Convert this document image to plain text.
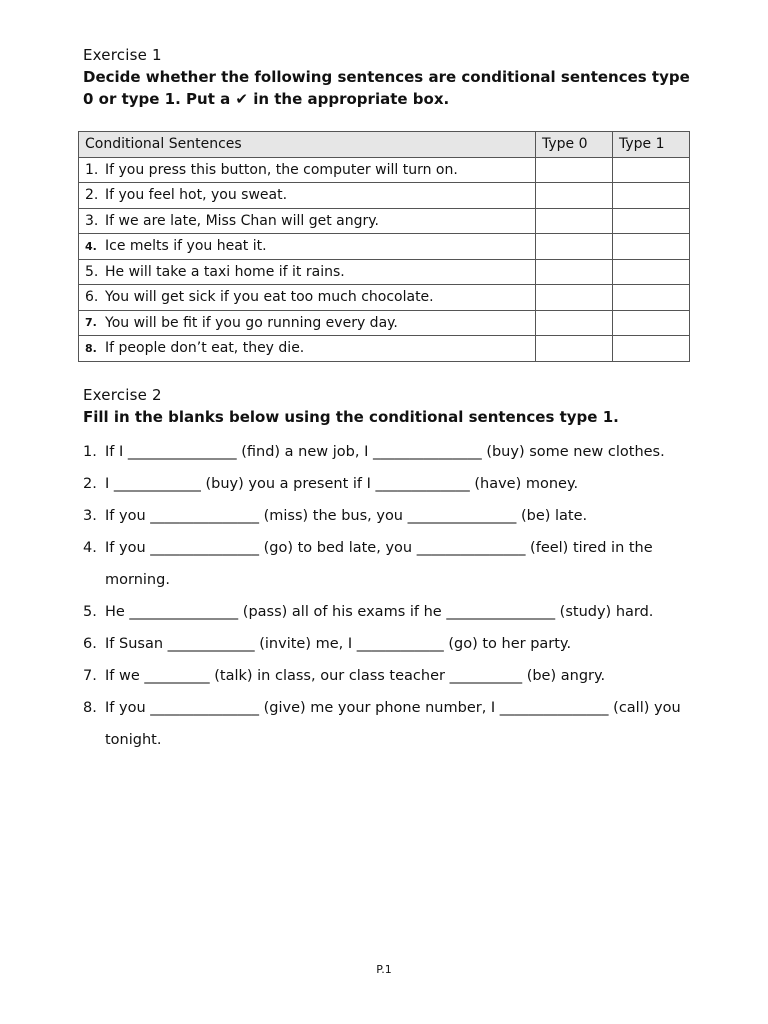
Exercise 1
Decide whether the following sentences are conditional sentences type 0 or type 1. Put a ✔ in the appropriate box.
Conditional Sentences		Type 0	Type 1
1.	If you press this button, the computer will turn on.		
2.	If you feel hot, you sweat.		
3.	If we are late, Miss Chan will get angry.		
4.	Ice melts if you heat it.		
5.	He will take a taxi home if it rains.		
6.	You will get sick if you eat too much chocolate.		
7.	You will be fit if you go running every day.		
8.	If people don’t eat, they die.		
Exercise 2
Fill in the blanks below using the conditional sentences type 1.
1. If I _______________ (find) a new job, I _______________ (buy) some new clothes.
2. I ____________ (buy) you a present if I _____________ (have) money.
3. If you _______________ (miss) the bus, you _______________ (be) late.
4. If you _______________ (go) to bed late, you _______________ (feel) tired in the morning.
5. He _______________ (pass) all of his exams if he _______________ (study) hard.
6. If Susan ____________ (invite) me, I ____________ (go) to her party.
7. If we _________ (talk) in class, our class teacher __________ (be) angry.
8. If you _______________ (give) me your phone number, I _______________ (call) you tonight.
P.1
